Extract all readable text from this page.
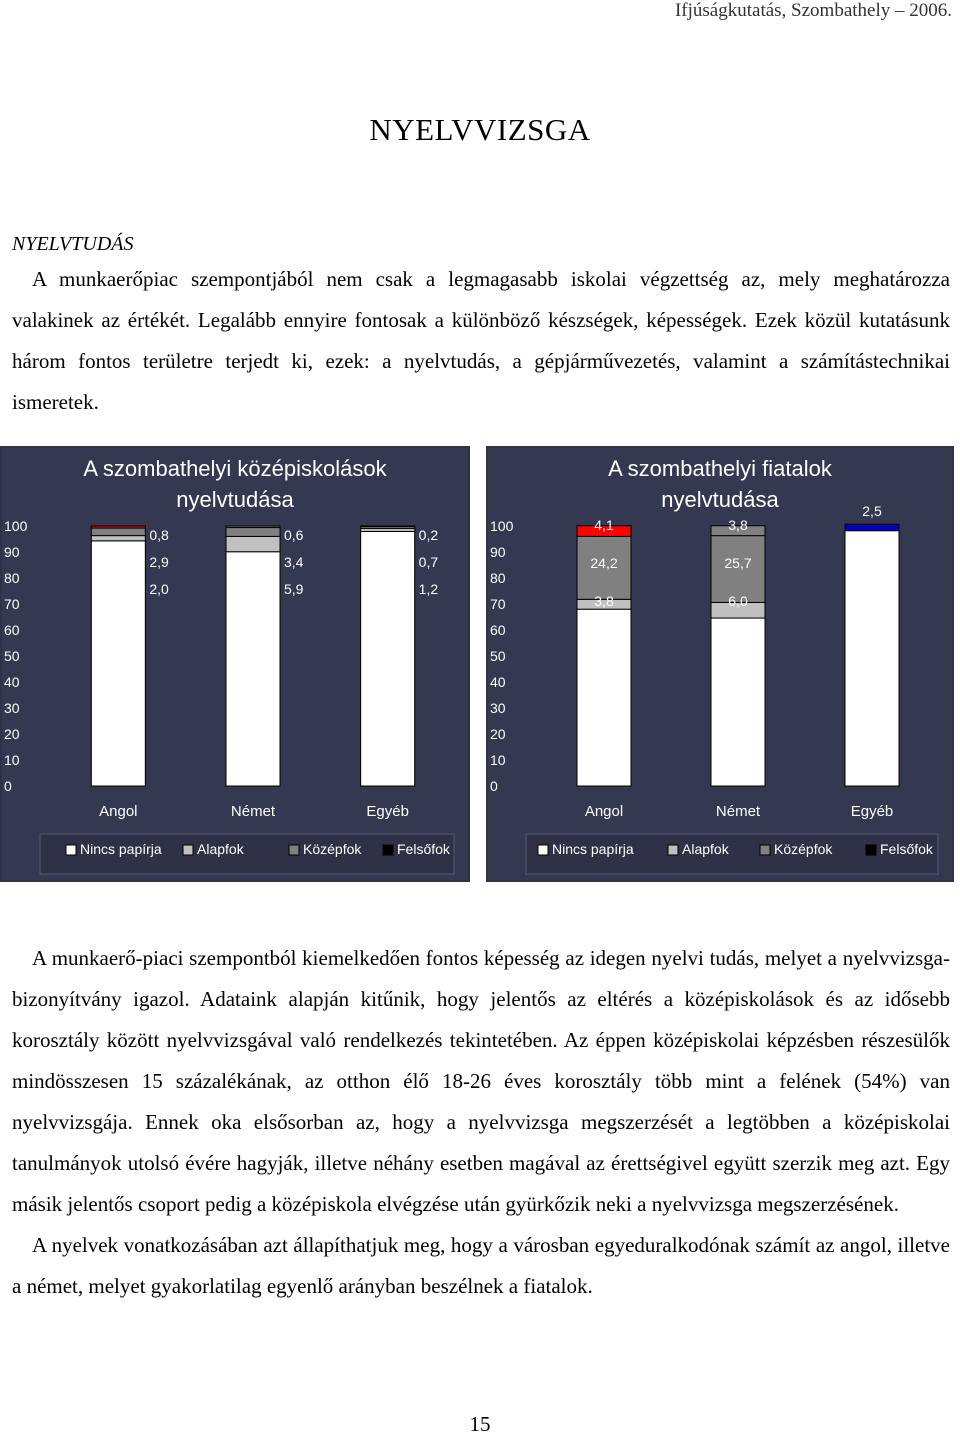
Ifjúságkutatás, Szombathely – 2006.
NYELVVIZSGA
NYELVTUDÁS

A munkaerőpiac szempontjából nem csak a legmagasabb iskolai végzettség az, mely meghatározza valakinek az értékét. Legalább ennyire fontosak a különböző készségek, képességek. Ezek közül kutatásunk három fontos területre terjedt ki, ezek: a nyelvtudás, a gépjárművezetés, valamint a számítástechnikai ismeretek.

A szombathelyi középiskolások nyelvtudása
0
10
20
30
40
50
60
70
80
90
100
Angol	Német	Egyéb
94,3
2,0
2,9
0,8
90,1
5,9
3,4
0,6
97,9
1,2
0,7
0,2
Nincs papírja	Alapfok	Középfok	Felsőfok
A szombathelyi fiatalok nyelvtudása
0
10
20
30
40
50
60
70
80
90
100
Angol	Német	Egyéb
68,0
3,8
24,2
4,1
64,6
6,0
25,7
3,8
98,2
2,5
Nincs papírja	Alapfok	Középfok	Felsőfok

A munkaerő-piaci szempontból kiemelkedően fontos képesség az idegen nyelvi tudás, melyet a nyelvvizsga-bizonyítvány igazol. Adataink alapján kitűnik, hogy jelentős az eltérés a középiskolások és az idősebb korosztály között nyelvvizsgával való rendelkezés tekintetében. Az éppen középiskolai képzésben részesülők mindösszesen 15 százalékának, az otthon élő 18-26 éves korosztály több mint a felének (54%) van nyelvvizsgája. Ennek oka elsősorban az, hogy a nyelvvizsga megszerzését a legtöbben a középiskolai tanulmányok utolsó évére hagyják, illetve néhány esetben magával az érettségivel együtt szerzik meg azt. Egy másik jelentős csoport pedig a középiskola elvégzése után gyürkőzik neki a nyelvvizsga megszerzésének.

A nyelvek vonatkozásában azt állapíthatjuk meg, hogy a városban egyeduralkodónak számít az angol, illetve a német, melyet gyakorlatilag egyenlő arányban beszélnek a fiatalok.

15
